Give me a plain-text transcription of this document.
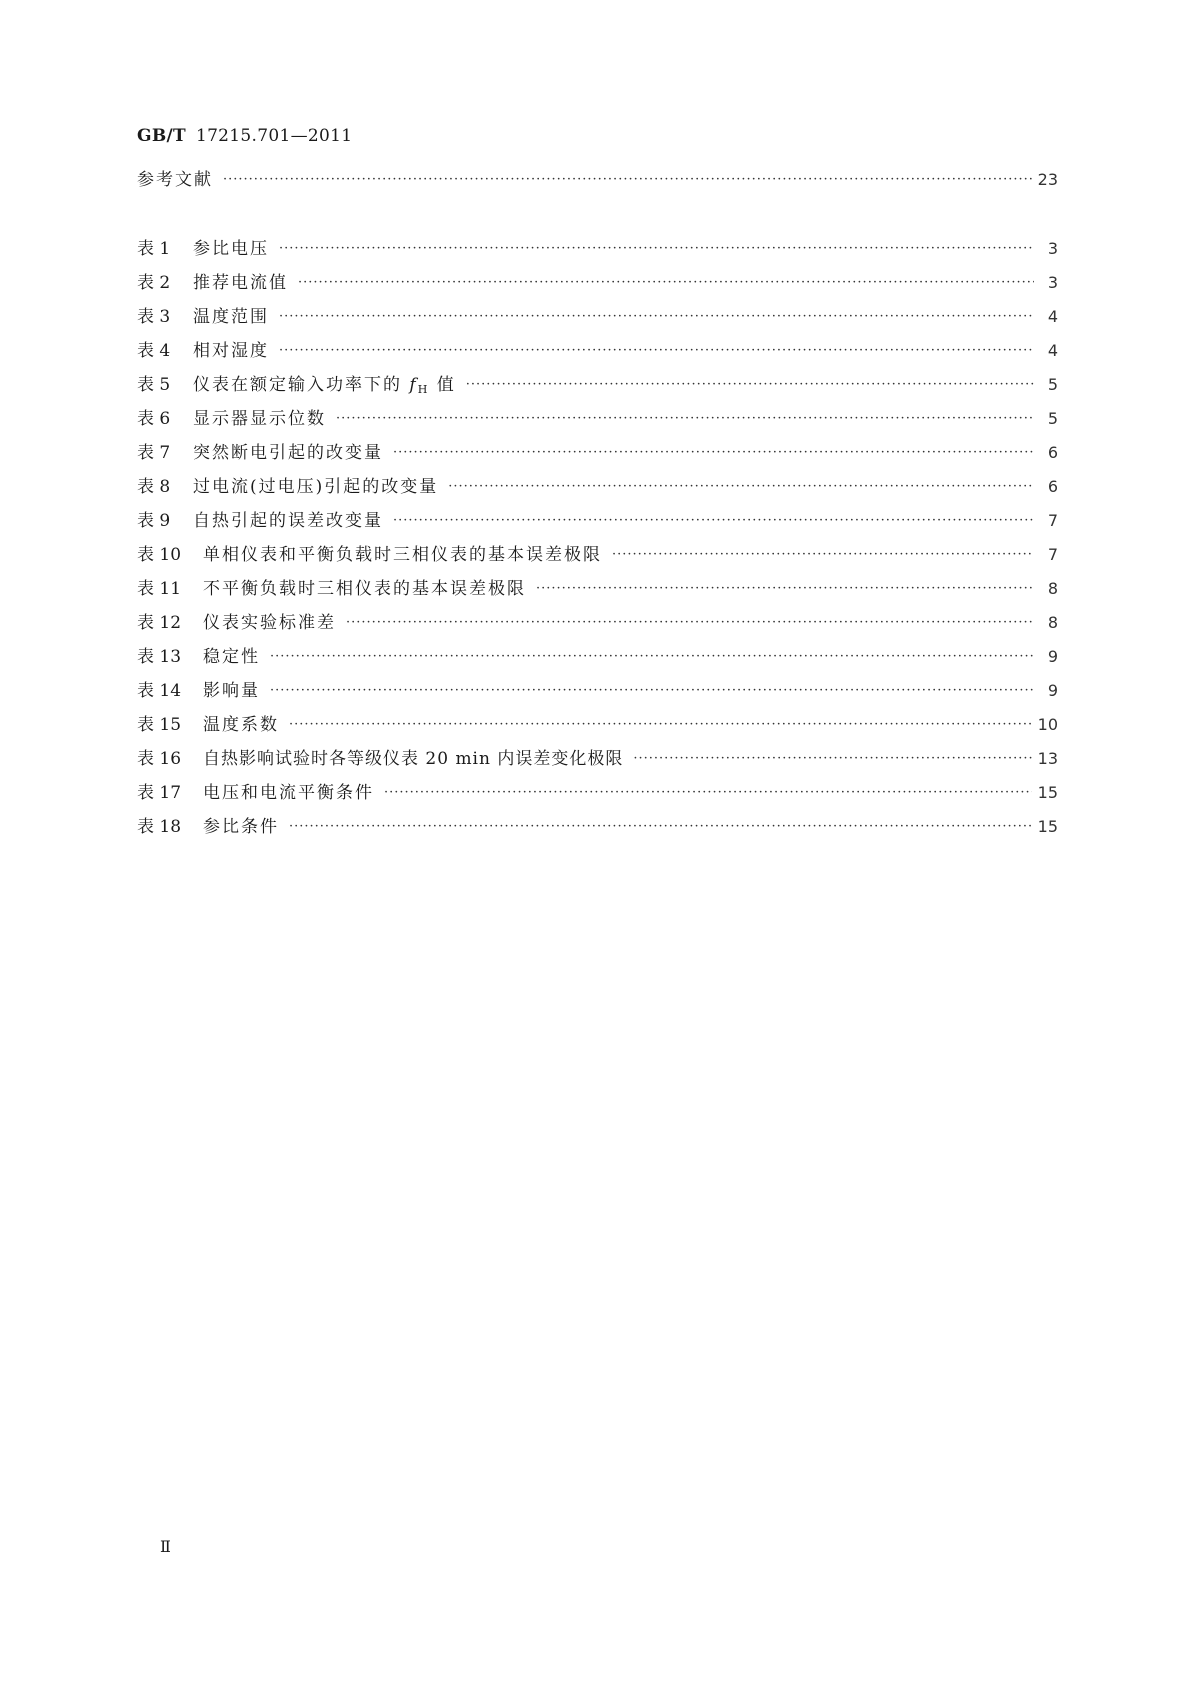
GB/T 17215.701—2011
参考文献 ·····	23
表 1	参比电压 ·····	3
表 2	推荐电流值 ·····	3
表 3	温度范围 ·····	4
表 4	相对湿度 ·····	4
表 5	仪表在额定输入功率下的 $f_H$ 值 ·····	5
表 6	显示器显示位数 ·····	5
表 7	突然断电引起的改变量 ·····	6
表 8	过电流(过电压)引起的改变量 ·····	6
表 9	自热引起的误差改变量 ·····	7
表 10	单相仪表和平衡负载时三相仪表的基本误差极限 ·····	7
表 11	不平衡负载时三相仪表的基本误差极限 ·····	8
表 12	仪表实验标准差 ·····	8
表 13	稳定性 ·····	9
表 14	影响量 ·····	9
表 15	温度系数 ·····	10
表 16	自热影响试验时各等级仪表 20 min 内误差变化极限 ·····	13
表 17	电压和电流平衡条件 ·····	15
表 18	参比条件 ·····	15
Ⅱ
